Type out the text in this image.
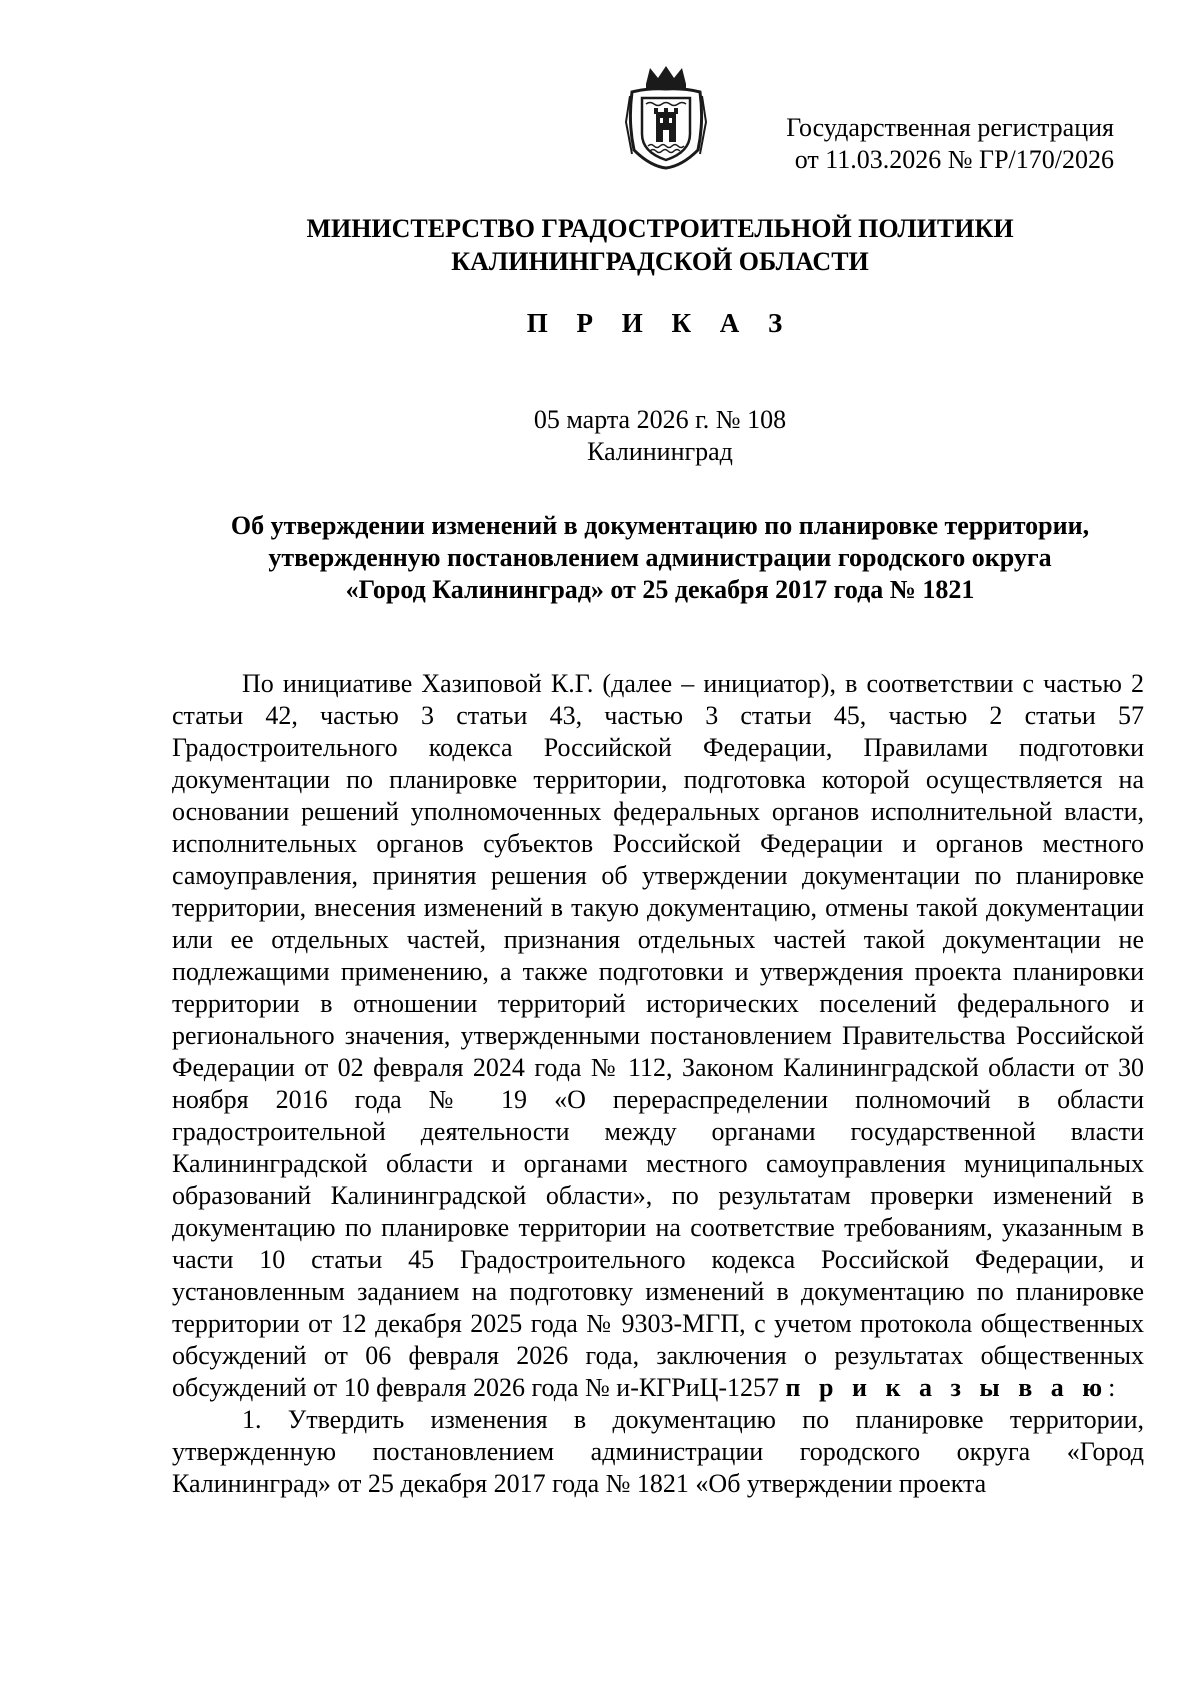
Государственная регистрация
от 11.03.2026 № ГР/170/2026
МИНИСТЕРСТВО ГРАДОСТРОИТЕЛЬНОЙ ПОЛИТИКИ
КАЛИНИНГРАДСКОЙ ОБЛАСТИ
П Р И К А З
05 марта 2026 г. № 108
Калининград
Об утверждении изменений в документацию по планировке территории,
утвержденную постановлением администрации городского округа
«Город Калининград» от 25 декабря 2017 года № 1821

По инициативе Хазиповой К.Г. (далее – инициатор), в соответствии с частью 2 статьи 42, частью 3 статьи 43, частью 3 статьи 45, частью 2 статьи 57 Градостроительного кодекса Российской Федерации, Правилами подготовки документации по планировке территории, подготовка которой осуществляется на основании решений уполномоченных федеральных органов исполнительной власти, исполнительных органов субъектов Российской Федерации и органов местного самоуправления, принятия решения об утверждении документации по планировке территории, внесения изменений в такую документацию, отмены такой документации или ее отдельных частей, признания отдельных частей такой документации не подлежащими применению, а также подготовки и утверждения проекта планировки территории в отношении территорий исторических поселений федерального и регионального значения, утвержденными постановлением Правительства Российской Федерации от 02 февраля 2024 года № 112, Законом Калининградской области от 30 ноября 2016 года № 19 «О перераспределении полномочий в области градостроительной деятельности между органами государственной власти Калининградской области и органами местного самоуправления муниципальных образований Калининградской области», по результатам проверки изменений в документацию по планировке территории на соответствие требованиям, указанным в части 10 статьи 45 Градостроительного кодекса Российской Федерации, и установленным заданием на подготовку изменений в документацию по планировке территории от 12 декабря 2025 года № 9303-МГП, с учетом протокола общественных обсуждений от 06 февраля 2026 года, заключения о результатах общественных обсуждений от 10 февраля 2026 года № и-КГРиЦ-1257 п р и к а з ы в а ю:

1. Утвердить изменения в документацию по планировке территории, утвержденную постановлением администрации городского округа «Город Калининград» от 25 декабря 2017 года № 1821 «Об утверждении проекта
